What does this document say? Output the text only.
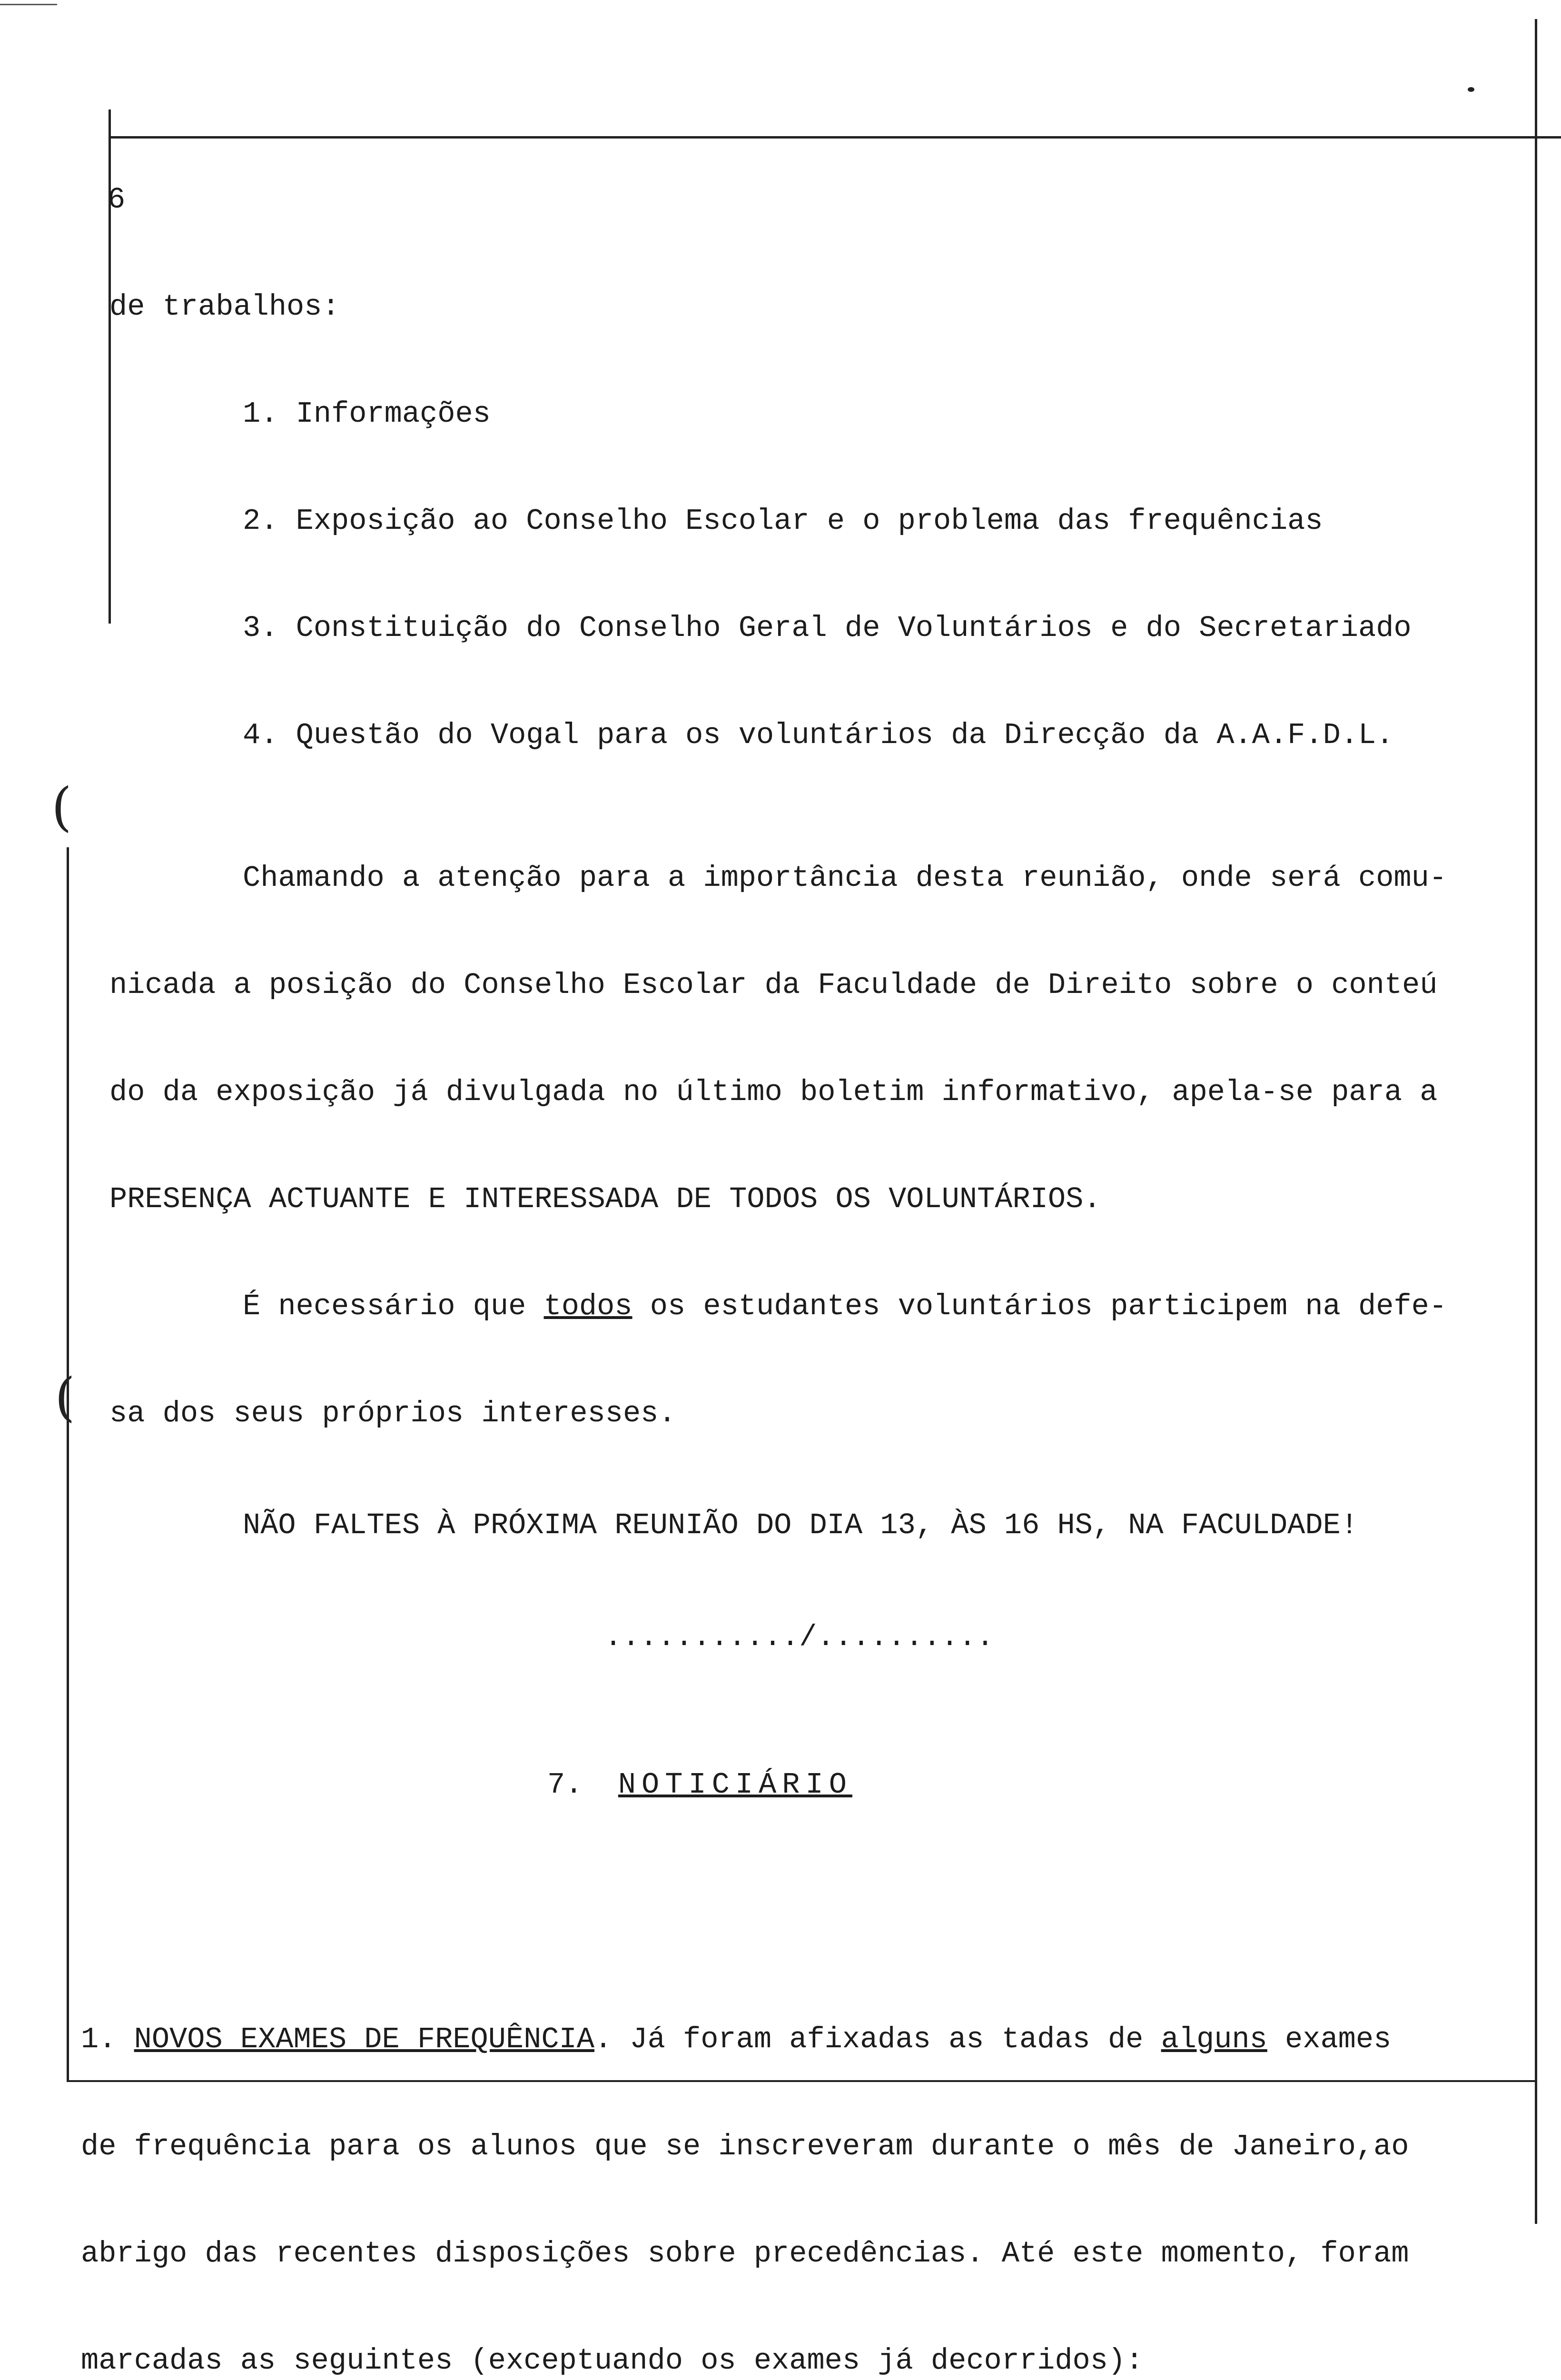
(
(

6

de trabalhos:

1. Informações

2. Exposição ao Conselho Escolar e o problema das frequências

3. Constituição do Conselho Geral de Voluntários e do Secretariado

4. Questão do Vogal para os voluntários da Direcção da A.A.F.D.L.

Chamando a atenção para a importância desta reunião, onde será comu-

nicada a posição do Conselho Escolar da Faculdade de Direito sobre o conteú

do da exposição já divulgada no último boletim informativo, apela-se para a

PRESENÇA ACTUANTE E INTERESSADA DE TODOS OS VOLUNTÁRIOS.

É necessário que todos os estudantes voluntários participem na defe-

sa dos seus próprios interesses.

NÃO FALTES À PRÓXIMA REUNIÃO DO DIA 13, ÀS 16 HS, NA FACULDADE!

.........../..........

7. NOTICIÁRIO

1. NOVOS EXAMES DE FREQUÊNCIA. Já foram afixadas as tadas de alguns exames

de frequência para os alunos que se inscreveram durante o mês de Janeiro,ao

abrigo das recentes disposições sobre precedências. Até este momento, foram

marcadas as seguintes (exceptuando os exames já decorridos):
